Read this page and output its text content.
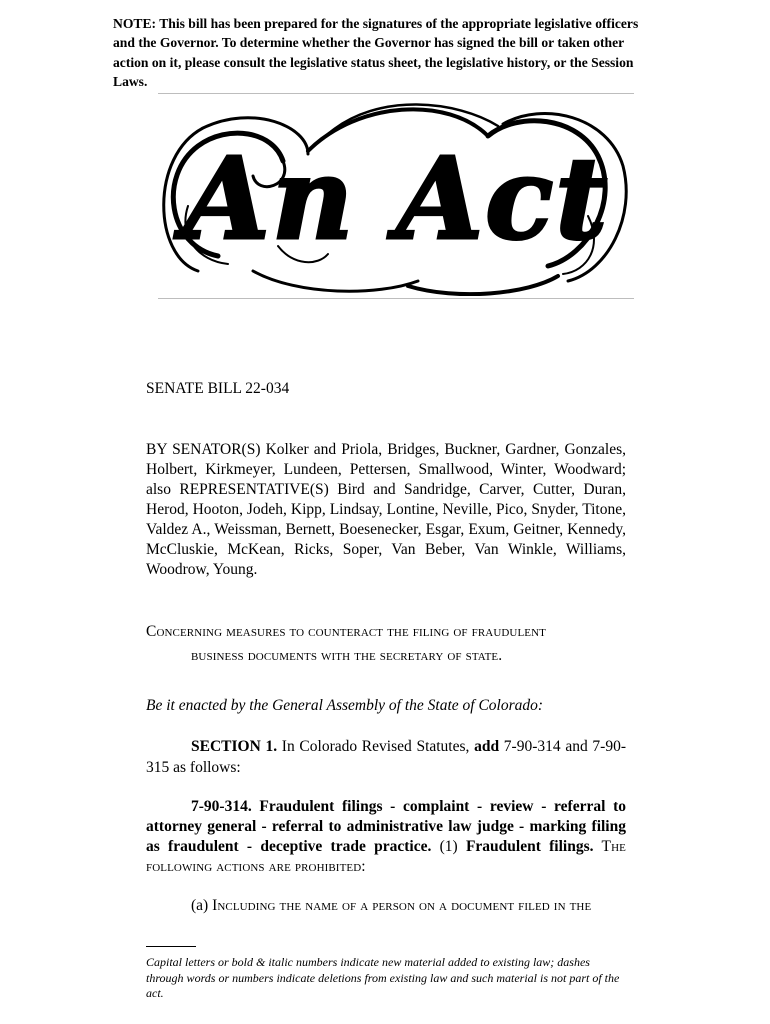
NOTE: This bill has been prepared for the signatures of the appropriate legislative officers and the Governor. To determine whether the Governor has signed the bill or taken other action on it, please consult the legislative status sheet, the legislative history, or the Session Laws.
An Act
SENATE BILL 22-034
BY SENATOR(S) Kolker and Priola, Bridges, Buckner, Gardner, Gonzales, Holbert, Kirkmeyer, Lundeen, Pettersen, Smallwood, Winter, Woodward; also REPRESENTATIVE(S) Bird and Sandridge, Carver, Cutter, Duran, Herod, Hooton, Jodeh, Kipp, Lindsay, Lontine, Neville, Pico, Snyder, Titone, Valdez A., Weissman, Bernett, Boesenecker, Esgar, Exum, Geitner, Kennedy, McCluskie, McKean, Ricks, Soper, Van Beber, Van Winkle, Williams, Woodrow, Young.
Concerning measures to counteract the filing of fraudulent
business documents with the secretary of state.
Be it enacted by the General Assembly of the State of Colorado:
SECTION 1. In Colorado Revised Statutes, add 7-90-314 and 7-90-315 as follows:
7-90-314. Fraudulent filings - complaint - review - referral to attorney general - referral to administrative law judge - marking filing as fraudulent - deceptive trade practice. (1) Fraudulent filings. The following actions are prohibited:
(a) Including the name of a person on a document filed in the
Capital letters or bold & italic numbers indicate new material added to existing law; dashes through words or numbers indicate deletions from existing law and such material is not part of the act.
